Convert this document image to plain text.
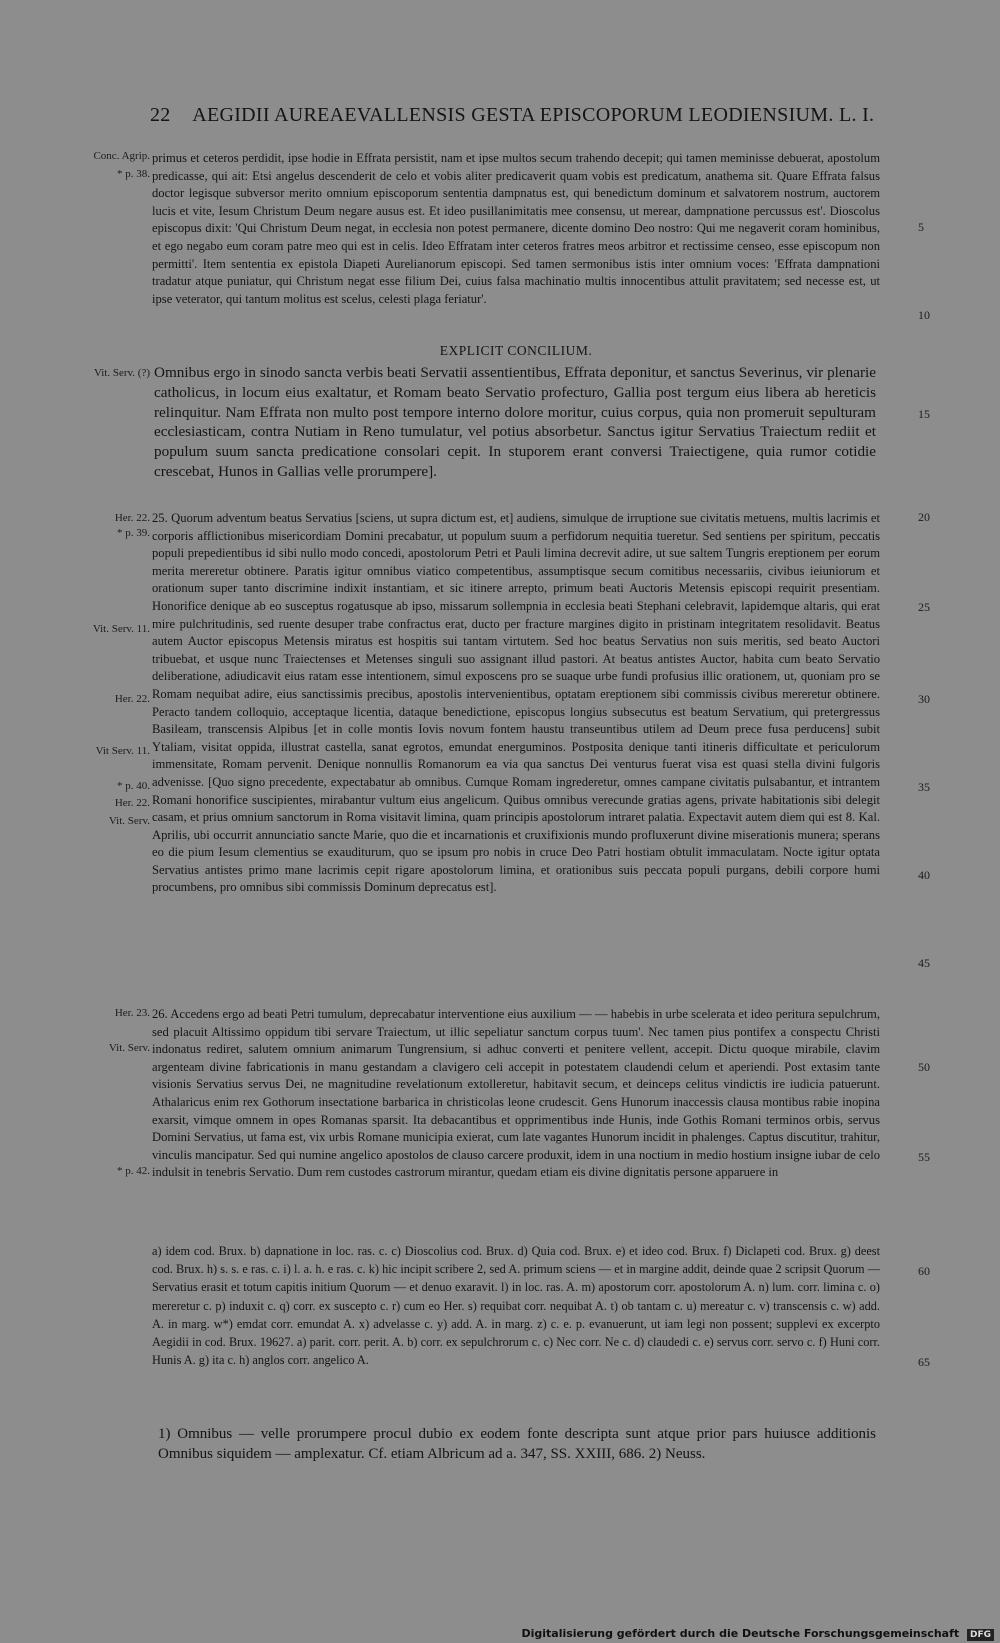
22 AEGIDII AUREAEVALLENSIS GESTA EPISCOPORUM LEODIENSIUM. L. I.

primus et ceteros perdidit, ipse hodie in Effrata persistit, nam et ipse multos secum trahendo decepit; qui tamen meminisse debuerat, apostolum predicasse, qui ait: Etsi angelus descenderit de celo et vobis aliter predicaverit quam vobis est predicatum, anathema sit. Quare Effrata falsus doctor legisque subversor merito omnium episcoporum sententia dampnatus est, qui benedictum dominum et salvatorem nostrum, auctorem lucis et vite, Iesum Christum Deum negare ausus est. Et ideo pusillanimitatis mee consensu, ut merear, dampnatione percussus est'. Dioscolus episcopus dixit: 'Qui Christum Deum negat, in ecclesia non potest permanere, dicente domino Deo nostro: Qui me negaverit coram hominibus, et ego negabo eum coram patre meo qui est in celis. Ideo Effratam inter ceteros fratres meos arbitror et rectissime censeo, esse episcopum non permitti'. Item sententia ex epistola Diapeti Aurelianorum episcopi. Sed tamen sermonibus istis inter omnium voces: 'Effrata dampnationi tradatur atque puniatur, qui Christum negat esse filium Dei, cuius falsa machinatio multis innocentibus attulit pravitatem; sed necesse est, ut ipse veterator, qui tantum molitus est scelus, celesti plaga feriatur'.

EXPLICIT CONCILIUM.

Omnibus ergo in sinodo sancta verbis beati Servatii assentientibus, Effrata deponitur, et sanctus Severinus, vir plenarie catholicus, in locum eius exaltatur, et Romam beato Servatio profecturo, Gallia post tergum eius libera ab hereticis relinquitur. Nam Effrata non multo post tempore interno dolore moritur, cuius corpus, quia non promeruit sepulturam ecclesiasticam, contra Nutiam in Reno tumulatur, vel potius absorbetur. Sanctus igitur Servatius Traiectum rediit et populum suum sancta predicatione consolari cepit. In stuporem erant conversi Traiectigene, quia rumor cotidie crescebat, Hunos in Gallias velle prorumpere].

25. Quorum adventum beatus Servatius [sciens, ut supra dictum est, et] audiens, simulque de irruptione sue civitatis metuens, multis lacrimis et corporis afflictionibus misericordiam Domini precabatur, ut populum suum a perfidorum nequitia tueretur. Sed sentiens per spiritum, peccatis populi prepedientibus id sibi nullo modo concedi, apostolorum Petri et Pauli limina decrevit adire, ut sue saltem Tungris ereptionem per eorum merita mereretur obtinere. Paratis igitur omnibus viatico competentibus, assumptisque secum comitibus necessariis, civibus ieiuniorum et orationum super tanto discrimine indixit instantiam, et sic itinere arrepto, primum beati Auctoris Metensis episcopi requirit presentiam. Honorifice denique ab eo susceptus rogatusque ab ipso, missarum sollempnia in ecclesia beati Stephani celebravit, lapidemque altaris, qui erat mire pulchritudinis, sed ruente desuper trabe confractus erat, ducto per fracture margines digito in pristinam integritatem resolidavit. Beatus autem Auctor episcopus Metensis miratus est hospitis sui tantam virtutem. Sed hoc beatus Servatius non suis meritis, sed beato Auctori tribuebat, et usque nunc Traiectenses et Metenses singuli suo assignant illud pastori. At beatus antistes Auctor, habita cum beato Servatio deliberatione, adiudicavit eius ratam esse intentionem, simul exposcens pro se suaque urbe fundi profusius illic orationem, ut, quoniam pro se Romam nequibat adire, eius sanctissimis precibus, apostolis intervenientibus, optatam ereptionem sibi commissis civibus mereretur obtinere. Peracto tandem colloquio, acceptaque licentia, dataque benedictione, episcopus longius subsecutus est beatum Servatium, qui pretergressus Basileam, transcensis Alpibus [et in colle montis Iovis novum fontem haustu transeuntibus utilem ad Deum prece fusa perducens] subit Ytaliam, visitat oppida, illustrat castella, sanat egrotos, emundat energuminos. Postposita denique tanti itineris difficultate et periculorum immensitate, Romam pervenit. Denique nonnullis Romanorum ea via qua sanctus Dei venturus fuerat visa est quasi stella divini fulgoris advenisse. [Quo signo precedente, expectabatur ab omnibus. Cumque Romam ingrederetur, omnes campane civitatis pulsabantur, et intrantem Romani honorifice suscipientes, mirabantur vultum eius angelicum. Quibus omnibus verecunde gratias agens, private habitationis sibi delegit casam, et prius omnium sanctorum in Roma visitavit limina, quam principis apostolorum intraret palatia. Expectavit autem diem qui est 8. Kal. Aprilis, ubi occurrit annunciatio sancte Marie, quo die et incarnationis et cruxifixionis mundo profluxerunt divine miserationis munera; sperans eo die pium Iesum clementius se exauditurum, quo se ipsum pro nobis in cruce Deo Patri hostiam obtulit immaculatam. Nocte igitur optata Servatius antistes primo mane lacrimis cepit rigare apostolorum limina, et orationibus suis peccata populi purgans, debili corpore humi procumbens, pro omnibus sibi commissis Dominum deprecatus est].

26. Accedens ergo ad beati Petri tumulum, deprecabatur interventione eius auxilium — — habebis in urbe scelerata et ideo peritura sepulchrum, sed placuit Altissimo oppidum tibi servare Traiectum, ut illic sepeliatur sanctum corpus tuum'. Nec tamen pius pontifex a conspectu Christi indonatus rediret, salutem omnium animarum Tungrensium, si adhuc converti et penitere vellent, accepit. Dictu quoque mirabile, clavim argenteam divine fabricationis in manu gestandam a clavigero celi accepit in potestatem claudendi celum et aperiendi. Post extasim tante visionis Servatius servus Dei, ne magnitudine revelationum extolleretur, habitavit secum, et deinceps celitus vindictis ire iudicia patuerunt. Athalaricus enim rex Gothorum insectatione barbarica in christicolas leone crudescit. Gens Hunorum inaccessis clausa montibus rabie inopina exarsit, vimque omnem in opes Romanas sparsit. Ita debacantibus et opprimentibus inde Hunis, inde Gothis Romani terminos orbis, servus Domini Servatius, ut fama est, vix urbis Romane municipia exierat, cum late vagantes Hunorum incidit in phalenges. Captus discutitur, trahitur, vinculis mancipatur. Sed qui numine angelico apostolos de clauso carcere produxit, idem in una noctium in medio hostium insigne iubar de celo indulsit in tenebris Servatio. Dum rem custodes castrorum mirantur, quedam etiam eis divine dignitatis persone apparuere in

a) idem cod. Brux. b) dapnatione in loc. ras. c. c) Dioscolius cod. Brux. d) Quia cod. Brux. e) et ideo cod. Brux. f) Diclapeti cod. Brux. g) deest cod. Brux. h) s. s. e ras. c. i) l. a. h. e ras. c. k) hic incipit scribere 2, sed A. primum sciens — et in margine addit, deinde quae 2 scripsit Quorum — Servatius erasit et totum capitis initium Quorum — et denuo exaravit. l) in loc. ras. A. m) apostorum corr. apostolorum A. n) lum. corr. limina c. o) mereretur c. p) induxit c. q) corr. ex suscepto c. r) cum eo Her. s) requibat corr. nequibat A. t) ob tantam c. u) mereatur c. v) transcensis c. w) add. A. in marg. w*) emdat corr. emundat A. x) advelasse c. y) add. A. in marg. z) c. e. p. evanuerunt, ut iam legi non possent; supplevi ex excerpto Aegidii in cod. Brux. 19627. a) parit. corr. perit. A. b) corr. ex sepulchrorum c. c) Nec corr. Ne c. d) claudedi c. e) servus corr. servo c. f) Huni corr. Hunis A. g) ita c. h) anglos corr. angelico A.

1) Omnibus — velle prorumpere procul dubio ex eodem fonte descripta sunt atque prior pars huiusce additionis Omnibus siquidem — amplexatur. Cf. etiam Albricum ad a. 347, SS. XXIII, 686. 2) Neuss.

Conc. Agrip.
* p. 38.
Vit. Serv. (?)
Her. 22.
* p. 39.
Vit. Serv. 11.
Her. 22.
Vit Serv. 11.
* p. 40.
Her. 22.
Vit. Serv.
Her. 23.
Vit. Serv.
* p. 42.
5
10
15
20
25
30
35
40
45
50
55
60
65
Digitalisierung gefördert durch die Deutsche Forschungsgemeinschaft DFG
